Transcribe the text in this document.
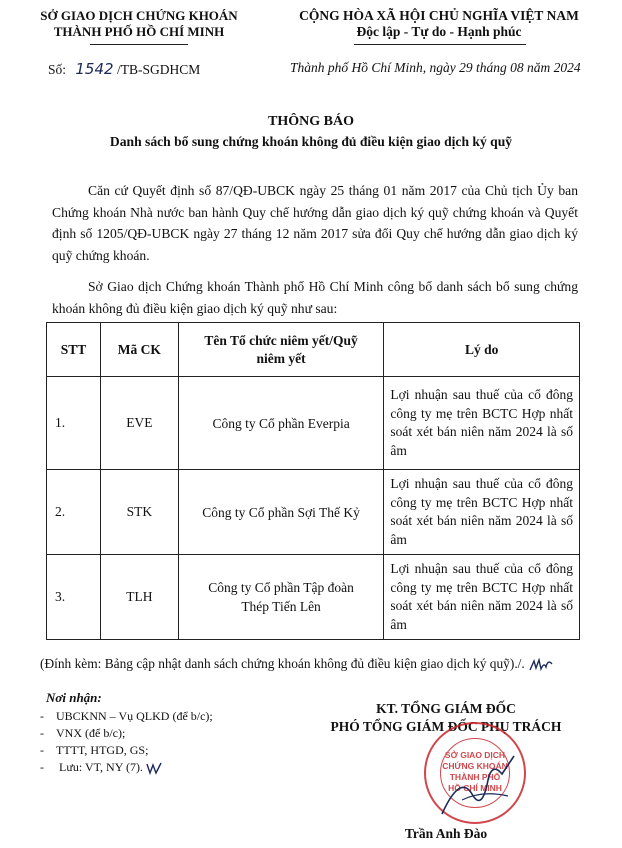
SỞ GIAO DỊCH CHỨNG KHOÁN
THÀNH PHỐ HỒ CHÍ MINH
Số: 1542 /TB-SGDHCM
CỘNG HÒA XÃ HỘI CHỦ NGHĨA VIỆT NAM
Độc lập - Tự do - Hạnh phúc
Thành phố Hồ Chí Minh, ngày 29 tháng 08 năm 2024
THÔNG BÁO
Danh sách bổ sung chứng khoán không đủ điều kiện giao dịch ký quỹ
Căn cứ Quyết định số 87/QĐ-UBCK ngày 25 tháng 01 năm 2017 của Chủ tịch Ủy ban Chứng khoán Nhà nước ban hành Quy chế hướng dẫn giao dịch ký quỹ chứng khoán và Quyết định số 1205/QĐ-UBCK ngày 27 tháng 12 năm 2017 sửa đổi Quy chế hướng dẫn giao dịch ký quỹ chứng khoán.
Sở Giao dịch Chứng khoán Thành phố Hồ Chí Minh công bố danh sách bổ sung chứng khoán không đủ điều kiện giao dịch ký quỹ như sau:
STT	Mã CK	Tên Tổ chức niêm yết/Quỹ niêm yết	Lý do
1.	EVE	Công ty Cổ phần Everpia	Lợi nhuận sau thuế của cổ đông công ty mẹ trên BCTC Hợp nhất soát xét bán niên năm 2024 là số âm
2.	STK	Công ty Cổ phần Sợi Thế Kỷ	Lợi nhuận sau thuế của cổ đông công ty mẹ trên BCTC Hợp nhất soát xét bán niên năm 2024 là số âm
3.	TLH	Công ty Cổ phần Tập đoàn Thép Tiến Lên	Lợi nhuận sau thuế của cổ đông công ty mẹ trên BCTC Hợp nhất soát xét bán niên năm 2024 là số âm
(Đính kèm: Bảng cập nhật danh sách chứng khoán không đủ điều kiện giao dịch ký quỹ)./.
Nơi nhận:
- UBCKNN – Vụ QLKD (để b/c);
- VNX (để b/c);
- TTTT, HTGD, GS;
- Lưu: VT, NY (7).
KT. TỔNG GIÁM ĐỐC
PHÓ TỔNG GIÁM ĐỐC PHỤ TRÁCH
SỞ GIAO DỊCH
CHỨNG KHOÁN
THÀNH PHỐ
HỒ CHÍ MINH
Trần Anh Đào
